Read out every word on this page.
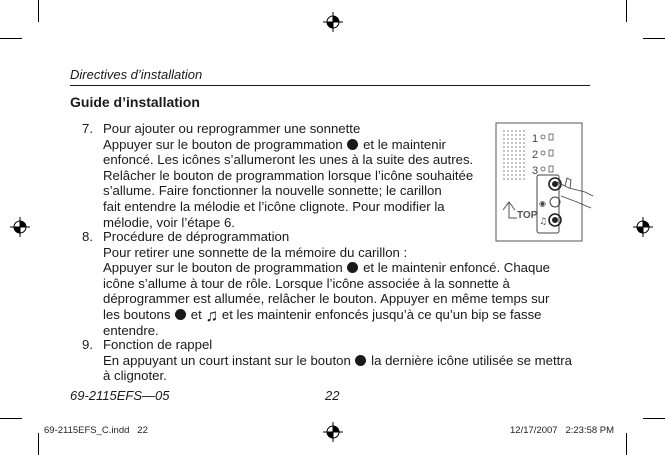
Directives d’installation
Guide d’installation
7. Pour ajouter ou reprogrammer une sonnette
Appuyer sur le bouton de programmation et le maintenir
enfoncé. Les icônes s’allumeront les unes à la suite des autres.
Relâcher le bouton de programmation lorsque l’icône souhaitée
s’allume. Faire fonctionner la nouvelle sonnette; le carillon
fait entendre la mélodie et l’icône clignote. Pour modifier la
mélodie, voir l’étape 6.
1
2
3
◉
♫
TOP
8. Procédure de déprogrammation
Pour retirer une sonnette de la mémoire du carillon :
Appuyer sur le bouton de programmation et le maintenir enfoncé. Chaque
icône s’allume à tour de rôle. Lorsque l’icône associée à la sonnette à
déprogrammer est allumée, relâcher le bouton. Appuyer en même temps sur
les boutons et ♫ et les maintenir enfoncés jusqu’à ce qu’un bip se fasse
entendre.
9. Fonction de rappel
En appuyant un court instant sur le bouton la dernière icône utilisée se mettra
à clignoter.
69-2115EFS—05	22
69-2115EFS_C.indd   22	12/17/2007   2:23:58 PM
